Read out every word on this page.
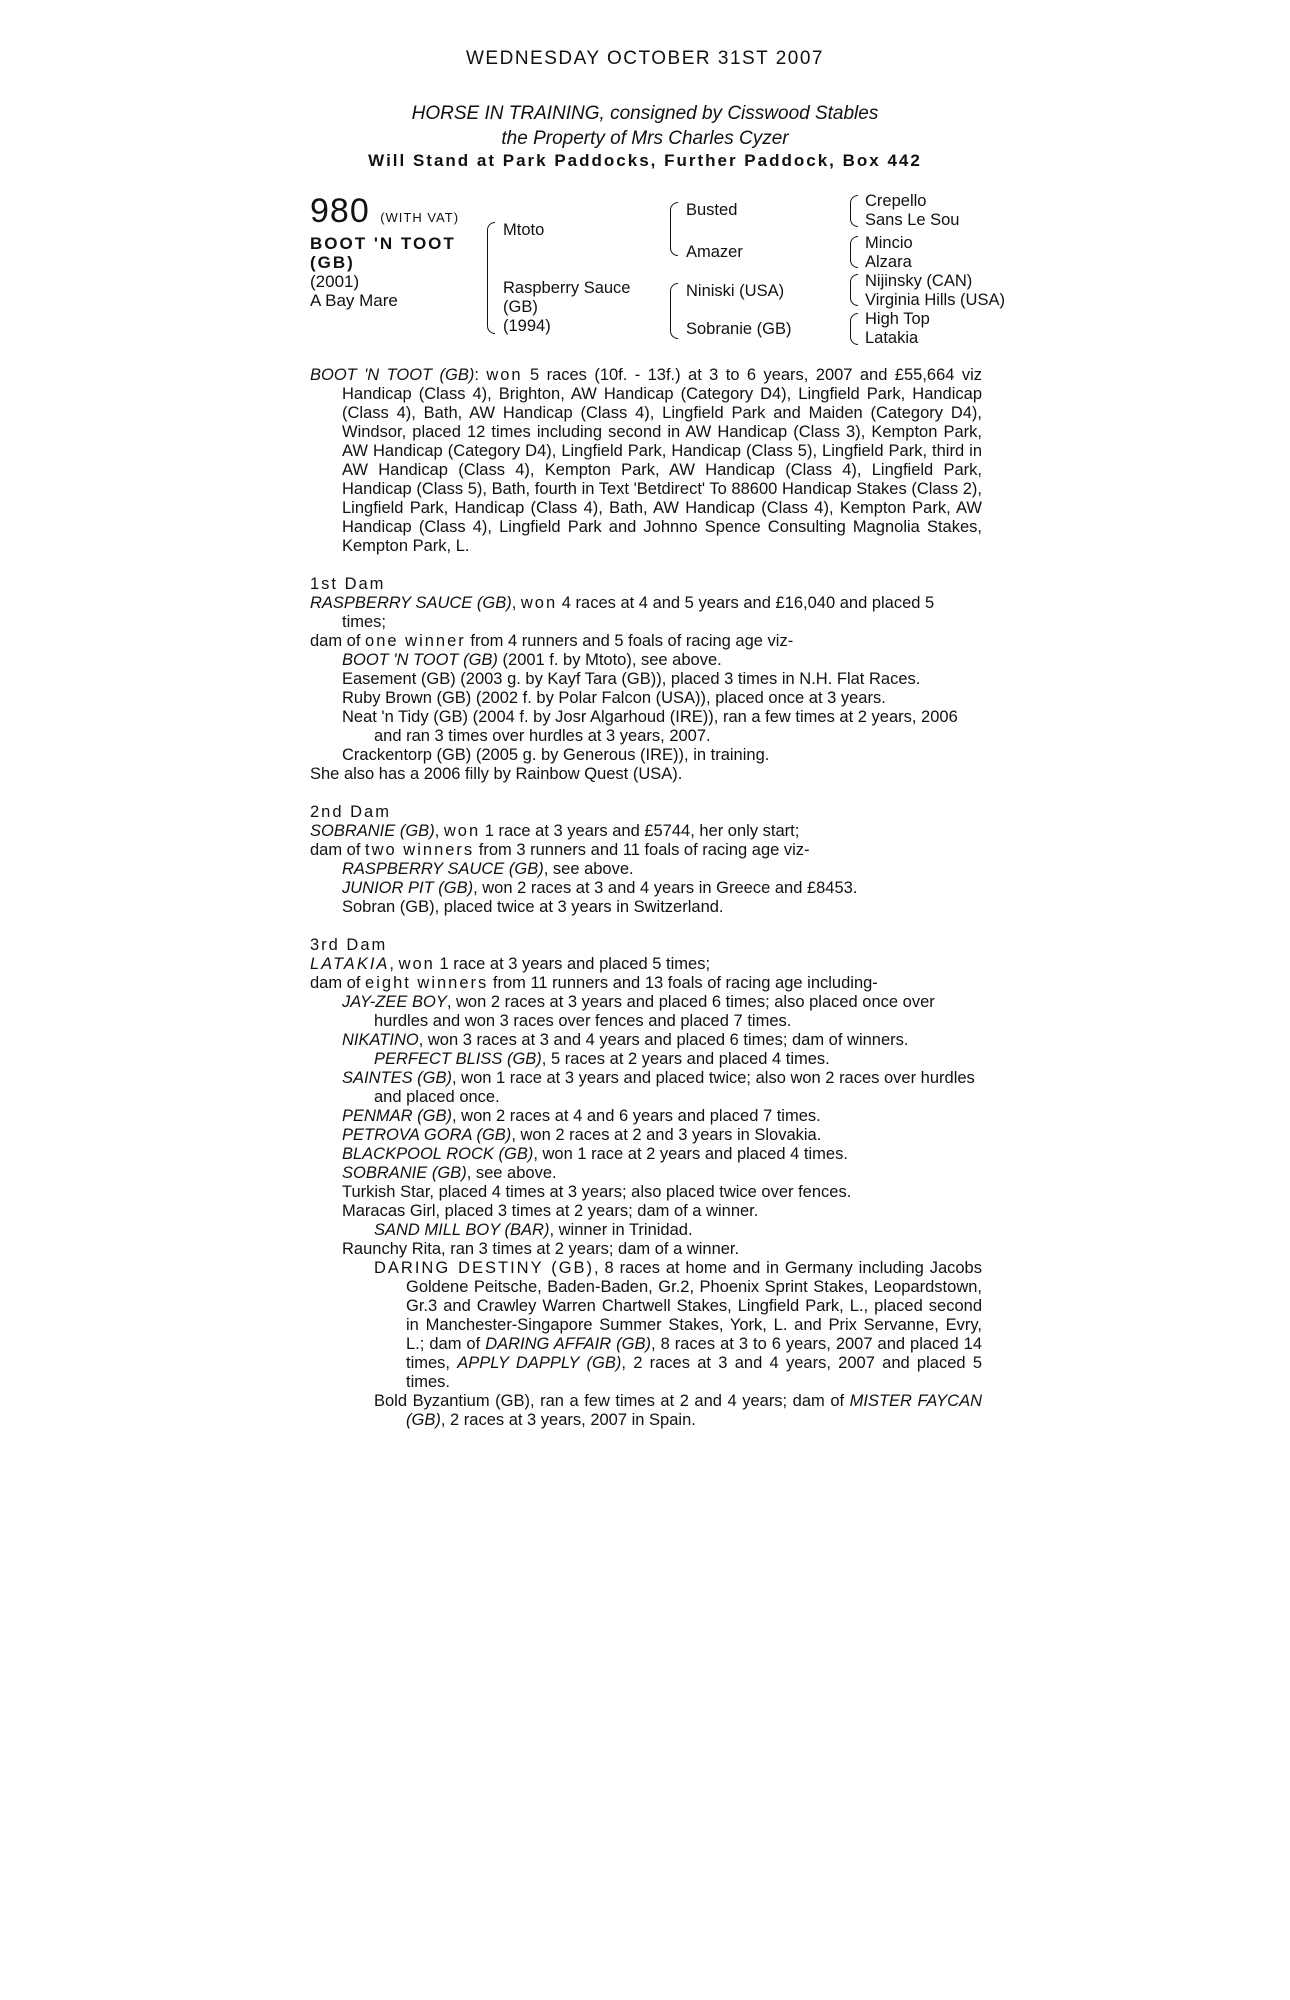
WEDNESDAY OCTOBER 31ST 2007
HORSE IN TRAINING, consigned by Cisswood Stables
the Property of Mrs Charles Cyzer
Will Stand at Park Paddocks, Further Paddock, Box 442
980 (WITH VAT)
BOOT 'N TOOT
(GB)
(2001)
A Bay Mare
Mtoto
Raspberry Sauce
(GB)
(1994)
Busted
Amazer
Niniski (USA)
Sobranie (GB)
Crepello
Sans Le Sou
Mincio
Alzara
Nijinsky (CAN)
Virginia Hills (USA)
High Top
Latakia

BOOT 'N TOOT (GB): won 5 races (10f. - 13f.) at 3 to 6 years, 2007 and £55,664 viz Handicap (Class 4), Brighton, AW Handicap (Category D4), Lingfield Park, Handicap (Class 4), Bath, AW Handicap (Class 4), Lingfield Park and Maiden (Category D4), Windsor, placed 12 times including second in AW Handicap (Class 3), Kempton Park, AW Handicap (Category D4), Lingfield Park, Handicap (Class 5), Lingfield Park, third in AW Handicap (Class 4), Kempton Park, AW Handicap (Class 4), Lingfield Park, Handicap (Class 5), Bath, fourth in Text 'Betdirect' To 88600 Handicap Stakes (Class 2), Lingfield Park, Handicap (Class 4), Bath, AW Handicap (Class 4), Kempton Park, AW Handicap (Class 4), Lingfield Park and Johnno Spence Consulting Magnolia Stakes, Kempton Park, L.

1st Dam

RASPBERRY SAUCE (GB), won 4 races at 4 and 5 years and £16,040 and placed 5 times;

dam of one winner from 4 runners and 5 foals of racing age viz-

BOOT 'N TOOT (GB) (2001 f. by Mtoto), see above.

Easement (GB) (2003 g. by Kayf Tara (GB)), placed 3 times in N.H. Flat Races.

Ruby Brown (GB) (2002 f. by Polar Falcon (USA)), placed once at 3 years.

Neat 'n Tidy (GB) (2004 f. by Josr Algarhoud (IRE)), ran a few times at 2 years, 2006 and ran 3 times over hurdles at 3 years, 2007.

Crackentorp (GB) (2005 g. by Generous (IRE)), in training.

She also has a 2006 filly by Rainbow Quest (USA).

2nd Dam

SOBRANIE (GB), won 1 race at 3 years and £5744, her only start;

dam of two winners from 3 runners and 11 foals of racing age viz-

RASPBERRY SAUCE (GB), see above.

JUNIOR PIT (GB), won 2 races at 3 and 4 years in Greece and £8453.

Sobran (GB), placed twice at 3 years in Switzerland.

3rd Dam

LATAKIA, won 1 race at 3 years and placed 5 times;

dam of eight winners from 11 runners and 13 foals of racing age including-

JAY-ZEE BOY, won 2 races at 3 years and placed 6 times; also placed once over hurdles and won 3 races over fences and placed 7 times.

NIKATINO, won 3 races at 3 and 4 years and placed 6 times; dam of winners.

PERFECT BLISS (GB), 5 races at 2 years and placed 4 times.

SAINTES (GB), won 1 race at 3 years and placed twice; also won 2 races over hurdles and placed once.

PENMAR (GB), won 2 races at 4 and 6 years and placed 7 times.

PETROVA GORA (GB), won 2 races at 2 and 3 years in Slovakia.

BLACKPOOL ROCK (GB), won 1 race at 2 years and placed 4 times.

SOBRANIE (GB), see above.

Turkish Star, placed 4 times at 3 years; also placed twice over fences.

Maracas Girl, placed 3 times at 2 years; dam of a winner.

SAND MILL BOY (BAR), winner in Trinidad.

Raunchy Rita, ran 3 times at 2 years; dam of a winner.

DARING DESTINY (GB), 8 races at home and in Germany including Jacobs Goldene Peitsche, Baden-Baden, Gr.2, Phoenix Sprint Stakes, Leopardstown, Gr.3 and Crawley Warren Chartwell Stakes, Lingfield Park, L., placed second in Manchester-Singapore Summer Stakes, York, L. and Prix Servanne, Evry, L.; dam of DARING AFFAIR (GB), 8 races at 3 to 6 years, 2007 and placed 14 times, APPLY DAPPLY (GB), 2 races at 3 and 4 years, 2007 and placed 5 times.

Bold Byzantium (GB), ran a few times at 2 and 4 years; dam of MISTER FAYCAN (GB), 2 races at 3 years, 2007 in Spain.
